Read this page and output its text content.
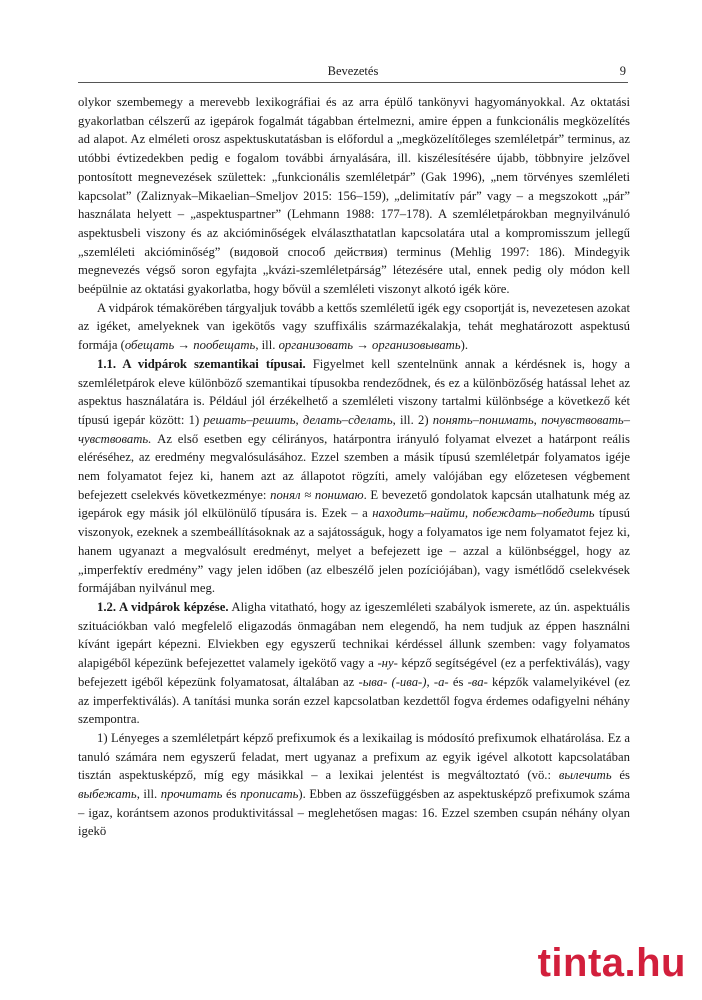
Bevezetés	9

olykor szembemegy a merevebb lexikográfiai és az arra épülő tankönyvi hagyományokkal. Az oktatási gyakorlatban célszerű az igepárok fogalmát tágabban értelmezni, amire éppen a funkcionális megközelítés ad alapot. Az elméleti orosz aspektuskutatásban is előfordul a „megközelítőleges szemléletpár” terminus, az utóbbi évtizedekben pedig e fogalom további árnyalására, ill. kiszélesítésére újabb, többnyire jelzővel pontosított megnevezések születtek: „funkcionális szemléletpár” (Gak 1996), „nem törvényes szemléleti kapcsolat” (Zaliznyak–Mikaelian–Smeljov 2015: 156–159), „delimitatív pár” vagy – a megszokott „pár” használata helyett – „aspektuspartner” (Lehmann 1988: 177–178). A szemléletpárokban megnyilvánuló aspektusbeli viszony és az akcióminőségek elválaszthatatlan kapcsolatára utal a kompromisszum jellegű „szemléleti akcióminőség” (видовой способ действия) terminus (Mehlig 1997: 186). Mindegyik megnevezés végső soron egyfajta „kvázi-szemléletpárság” létezésére utal, ennek pedig oly módon kell beépülnie az oktatási gyakorlatba, hogy bővül a szemléleti viszonyt alkotó igék köre.

A vidpárok témakörében tárgyaljuk tovább a kettős szemléletű igék egy csoportját is, nevezetesen azokat az igéket, amelyeknek van igekötős vagy szuffixális származékalakja, tehát meghatározott aspektusú formája (обещать → пообещать, ill. организовать → организовывать).

1.1. A vidpárok szemantikai típusai. Figyelmet kell szentelnünk annak a kérdésnek is, hogy a szemléletpárok eleve különböző szemantikai típusokba rendeződnek, és ez a különbözőség hatással lehet az aspektus használatára is. Például jól érzékelhető a szemléleti viszony tartalmi különbsége a következő két típusú igepár között: 1) решать–решить, делать–сделать, ill. 2) понять–понимать, почувствовать–чувствовать. Az első esetben egy célirányos, határpontra irányuló folyamat elvezet a határpont reális eléréséhez, az eredmény megvalósulásához. Ezzel szemben a másik típusú szemléletpár folyamatos igéje nem folyamatot fejez ki, hanem azt az állapotot rögzíti, amely valójában egy előzetesen végbement befejezett cselekvés következménye: понял ≈ понимаю. E bevezető gondolatok kapcsán utalhatunk még az igepárok egy másik jól elkülönülő típusára is. Ezek – a находить–найти, побеждать–победить típusú viszonyok, ezeknek a szembeállításoknak az a sajátosságuk, hogy a folyamatos ige nem folyamatot fejez ki, hanem ugyanazt a megvalósult eredményt, melyet a befejezett ige – azzal a különbséggel, hogy az „imperfektív eredmény” vagy jelen időben (az elbeszélő jelen pozíciójában), vagy ismétlődő cselekvések formájában nyilvánul meg.

1.2. A vidpárok képzése. Aligha vitatható, hogy az igeszemléleti szabályok ismerete, az ún. aspektuális szituációkban való megfelelő eligazodás önmagában nem elegendő, ha nem tudjuk az éppen használni kívánt igepárt képezni. Elviekben egy egyszerű technikai kérdéssel állunk szemben: vagy folyamatos alapigéből képezünk befejezettet valamely igekötő vagy a -ну- képző segítségével (ez a perfektiválás), vagy befejezett igéből képezünk folyamatosat, általában az -ыва- (-ива-), -а- és -ва- képzők valamelyikével (ez az imperfektiválás). A tanítási munka során ezzel kapcsolatban kezdettől fogva érdemes odafigyelni néhány szempontra.

1) Lényeges a szemléletpárt képző prefixumok és a lexikailag is módosító prefixumok elhatárolása. Ez a tanuló számára nem egyszerű feladat, mert ugyanaz a prefixum az egyik igével alkotott kapcsolatában tisztán aspektusképző, míg egy másikkal – a lexikai jelentést is megváltoztató (vö.: вылечить és выбежать, ill. прочитать és прописать). Ebben az összefüggésben az aspektusképző prefixumok száma – igaz, korántsem azonos produktivitással – meglehetősen magas: 16. Ezzel szemben csupán néhány olyan igekö

tinta.hu
